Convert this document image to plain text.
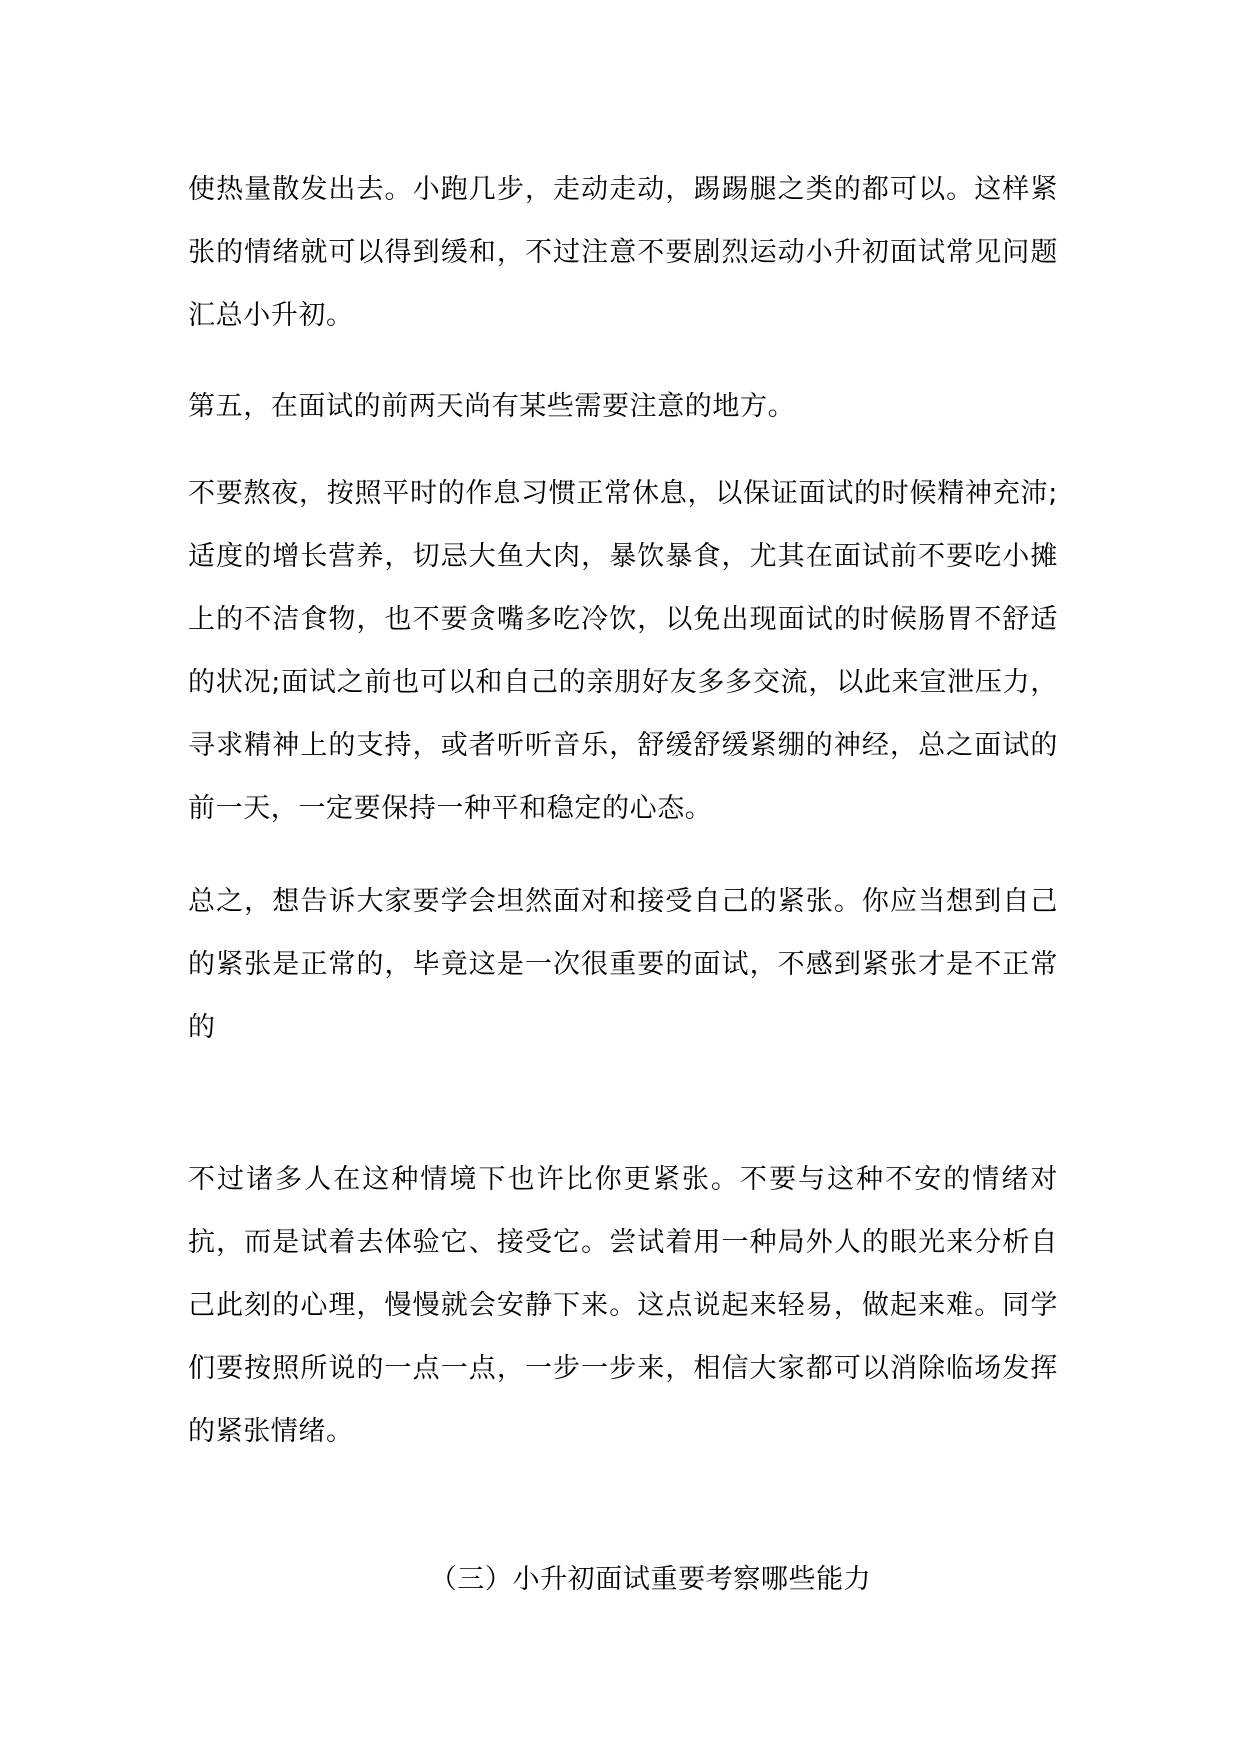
使热量散发出去。小跑几步，走动走动，踢踢腿之类的都可以。这样紧张的情绪就可以得到缓和，不过注意不要剧烈运动小升初面试常见问题汇总小升初。

第五，在面试的前两天尚有某些需要注意的地方。

不要熬夜，按照平时的作息习惯正常休息，以保证面试的时候精神充沛;适度的增长营养，切忌大鱼大肉，暴饮暴食，尤其在面试前不要吃小摊上的不洁食物，也不要贪嘴多吃冷饮，以免出现面试的时候肠胃不舒适的状况;面试之前也可以和自己的亲朋好友多多交流，以此来宣泄压力，寻求精神上的支持，或者听听音乐，舒缓舒缓紧绷的神经，总之面试的前一天，一定要保持一种平和稳定的心态。

总之，想告诉大家要学会坦然面对和接受自己的紧张。你应当想到自己的紧张是正常的，毕竟这是一次很重要的面试，不感到紧张才是不正常的

不过诸多人在这种情境下也许比你更紧张。不要与这种不安的情绪对抗，而是试着去体验它、接受它。尝试着用一种局外人的眼光来分析自己此刻的心理，慢慢就会安静下来。这点说起来轻易，做起来难。同学们要按照所说的一点一点，一步一步来，相信大家都可以消除临场发挥的紧张情绪。

（三）小升初面试重要考察哪些能力
